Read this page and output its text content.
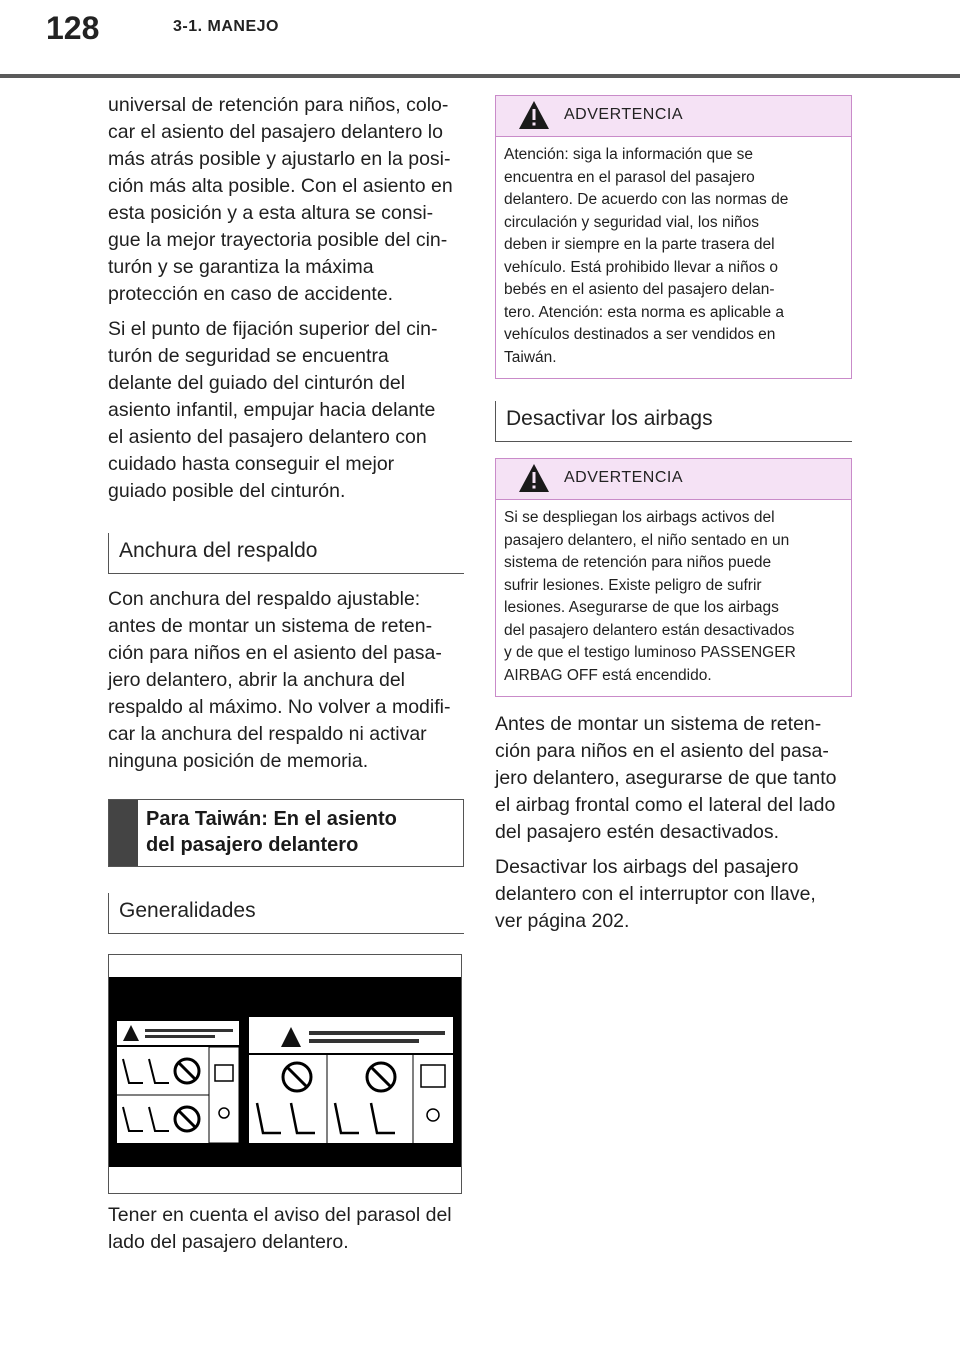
128	3-1. MANEJO

universal de retención para niños, colo-
car el asiento del pasajero delantero lo
más atrás posible y ajustarlo en la posi-
ción más alta posible. Con el asiento en
esta posición y a esta altura se consi-
gue la mejor trayectoria posible del cin-
turón y se garantiza la máxima
protección en caso de accidente.

Si el punto de fijación superior del cin-
turón de seguridad se encuentra
delante del guiado del cinturón del
asiento infantil, empujar hacia delante
el asiento del pasajero delantero con
cuidado hasta conseguir el mejor
guiado posible del cinturón.

Anchura del respaldo

Con anchura del respaldo ajustable:
antes de montar un sistema de reten-
ción para niños en el asiento del pasa-
jero delantero, abrir la anchura del
respaldo al máximo. No volver a modifi-
car la anchura del respaldo ni activar
ninguna posición de memoria.

Para Taiwán: En el asiento
del pasajero delantero
Generalidades

Tener en cuenta el aviso del parasol del
lado del pasajero delantero.

ADVERTENCIA
Atención: siga la información que se
encuentra en el parasol del pasajero
delantero. De acuerdo con las normas de
circulación y seguridad vial, los niños
deben ir siempre en la parte trasera del
vehículo. Está prohibido llevar a niños o
bebés en el asiento del pasajero delan-
tero. Atención: esta norma es aplicable a
vehículos destinados a ser vendidos en
Taiwán.
Desactivar los airbags
ADVERTENCIA
Si se despliegan los airbags activos del
pasajero delantero, el niño sentado en un
sistema de retención para niños puede
sufrir lesiones. Existe peligro de sufrir
lesiones. Asegurarse de que los airbags
del pasajero delantero están desactivados
y de que el testigo luminoso PASSENGER
AIRBAG OFF está encendido.

Antes de montar un sistema de reten-
ción para niños en el asiento del pasa-
jero delantero, asegurarse de que tanto
el airbag frontal como el lateral del lado
del pasajero estén desactivados.

Desactivar los airbags del pasajero
delantero con el interruptor con llave,
ver página 202.
